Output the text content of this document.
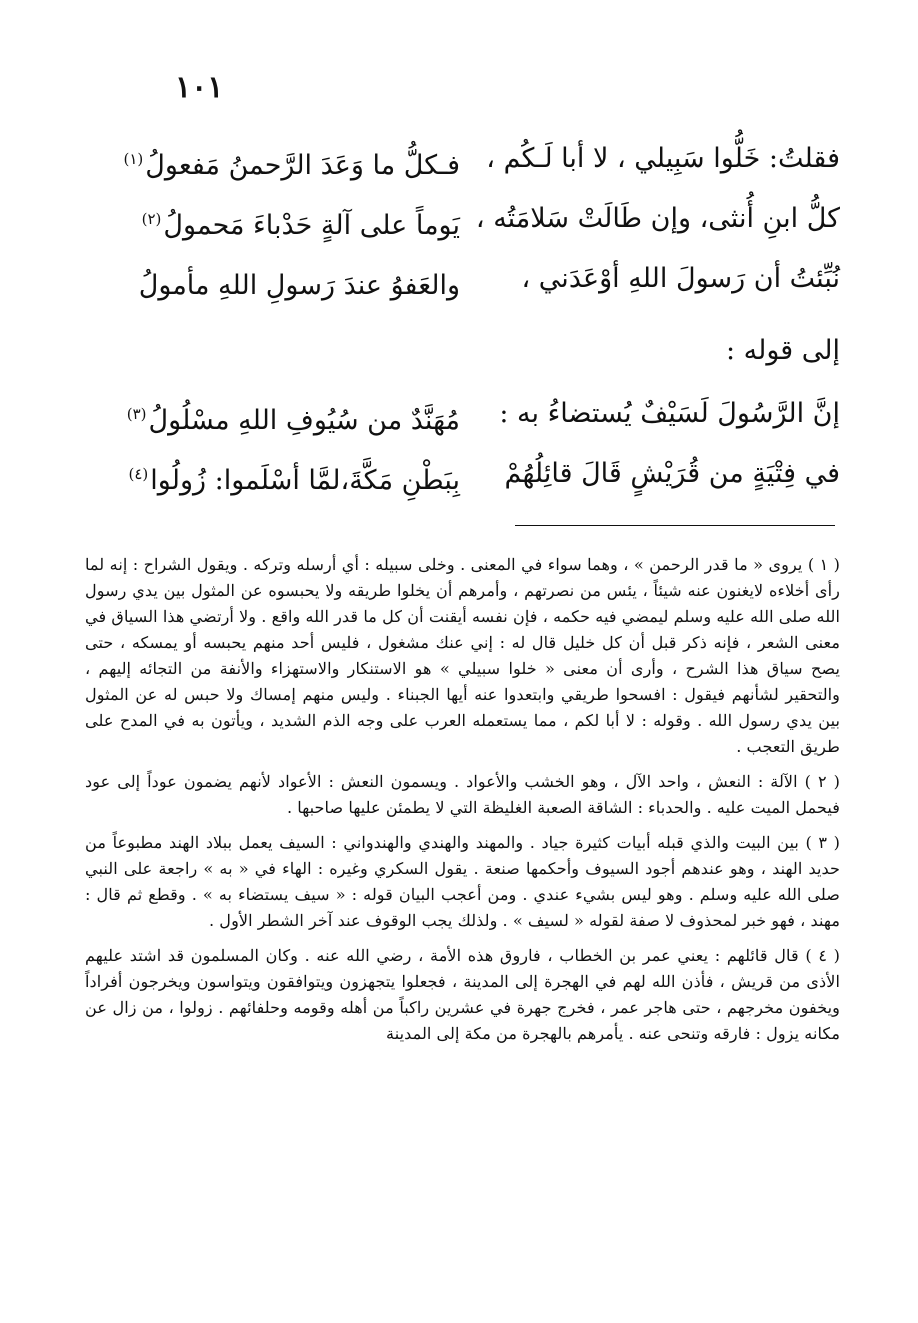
١٠١
فقلتُ: خَلُّوا سَبِيلي ، لا أبا لَـكُم ،
فـكلُّ ما وَعَدَ الرَّحمنُ مَفعولُ$^{(١)}$
كلُّ ابنِ أُنثى، وإن طَالَتْ سَلامَتُه ،
يَوماً على آلةٍ حَدْباءَ مَحمولُ$^{(٢)}$
نُبِّئتُ أن رَسولَ اللهِ أوْعَدَني ،
والعَفوُ عندَ رَسولِ اللهِ مأمولُ
إلى قوله :
إنَّ الرَّسُولَ لَسَيْفٌ يُستضاءُ به :
مُهَنَّدٌ من سُيُوفِ اللهِ مسْلُولُ$^{(٣)}$
في فِتْيَةٍ من قُرَيْشٍ قَالَ قائِلُهُمْ
بِبَطْنِ مَكَّةَ،لمَّا أسْلَموا: زُولُوا$^{(٤)}$

( ١ ) يروى « ما قدر الرحمن » ، وهما سواء في المعنى . وخلى سبيله : أي أرسله وتركه . ويقول الشراح : إنه لما رأى أخلاءه لايغنون عنه شيئاً ، يئس من نصرتهم ، وأمرهم أن يخلوا طريقه ولا يحبسوه عن المثول بين يدي رسول الله صلى الله عليه وسلم ليمضي فيه حكمه ، فإن نفسه أيقنت أن كل ما قدر الله واقع . ولا أرتضي هذا السياق في معنى الشعر ، فإنه ذكر قبل أن كل خليل قال له : إني عنك مشغول ، فليس أحد منهم يحبسه أو يمسكه ، حتى يصح سياق هذا الشرح ، وأرى أن معنى « خلوا سبيلي » هو الاستنكار والاستهزاء والأنفة من التجائه إليهم ، والتحقير لشأنهم فيقول : افسحوا طريقي وابتعدوا عنه أيها الجبناء . وليس منهم إمساك ولا حبس له عن المثول بين يدي رسول الله . وقوله : لا أبا لكم ، مما يستعمله العرب على وجه الذم الشديد ، ويأتون به في المدح على طريق التعجب .

( ٢ ) الآلة : النعش ، واحد الآل ، وهو الخشب والأعواد . ويسمون النعش : الأعواد لأنهم يضمون عوداً إلى عود فيحمل الميت عليه . والحدباء : الشاقة الصعبة الغليظة التي لا يطمئن عليها صاحبها .

( ٣ ) بين البيت والذي قبله أبيات كثيرة جياد . والمهند والهندي والهندواني : السيف يعمل ببلاد الهند مطبوعاً من حديد الهند ، وهو عندهم أجود السيوف وأحكمها صنعة . يقول السكري وغيره : الهاء في « به » راجعة على النبي صلى الله عليه وسلم . وهو ليس بشيء عندي . ومن أعجب البيان قوله : « سيف يستضاء به » . وقطع ثم قال : مهند ، فهو خبر لمحذوف لا صفة لقوله « لسيف » . ولذلك يجب الوقوف عند آخر الشطر الأول .

( ٤ ) قال قائلهم : يعني عمر بن الخطاب ، فاروق هذه الأمة ، رضي الله عنه . وكان المسلمون قد اشتد عليهم الأذى من قريش ، فأذن الله لهم في الهجرة إلى المدينة ، فجعلوا يتجهزون ويتوافقون ويتواسون ويخرجون أفراداً ويخفون مخرجهم ، حتى هاجر عمر ، فخرج جهرة في عشرين راكباً من أهله وقومه وحلفائهم . زولوا ، من زال عن مكانه يزول : فارقه وتنحى عنه . يأمرهم بالهجرة من مكة إلى المدينة
